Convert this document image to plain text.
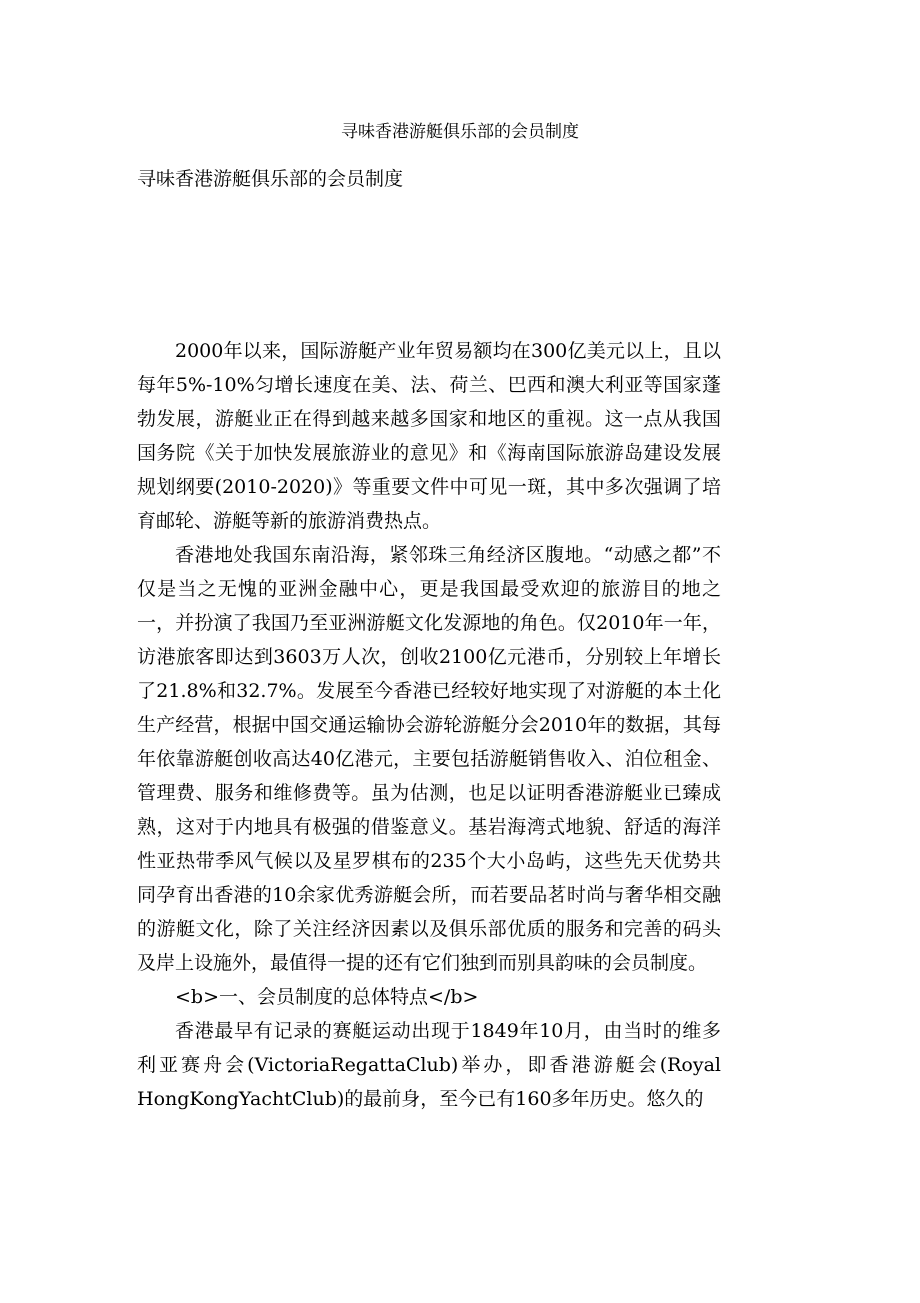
寻味香港游艇俱乐部的会员制度
寻味香港游艇俱乐部的会员制度

2000年以来，国际游艇产业年贸易额均在300亿美元以上，且以每年5%-10%匀增长速度在美、法、荷兰、巴西和澳大利亚等国家蓬勃发展，游艇业正在得到越来越多国家和地区的重视。这一点从我国国务院《关于加快发展旅游业的意见》和《海南国际旅游岛建设发展规划纲要(2010-2020)》等重要文件中可见一斑，其中多次强调了培育邮轮、游艇等新的旅游消费热点。

香港地处我国东南沿海，紧邻珠三角经济区腹地。“动感之都”不仅是当之无愧的亚洲金融中心，更是我国最受欢迎的旅游目的地之一，并扮演了我国乃至亚洲游艇文化发源地的角色。仅2010年一年，访港旅客即达到3603万人次，创收2100亿元港币，分别较上年增长了21.8%和32.7%。发展至今香港已经较好地实现了对游艇的本土化生产经营，根据中国交通运输协会游轮游艇分会2010年的数据，其每年依靠游艇创收高达40亿港元，主要包括游艇销售收入、泊位租金、管理费、服务和维修费等。虽为估测，也足以证明香港游艇业已臻成熟，这对于内地具有极强的借鉴意义。基岩海湾式地貌、舒适的海洋性亚热带季风气候以及星罗棋布的235个大小岛屿，这些先天优势共同孕育出香港的10余家优秀游艇会所，而若要品茗时尚与奢华相交融的游艇文化，除了关注经济因素以及俱乐部优质的服务和完善的码头及岸上设施外，最值得一提的还有它们独到而别具韵味的会员制度。

<b>一、会员制度的总体特点</b>

香港最早有记录的赛艇运动出现于1849年10月，由当时的维多利亚赛舟会(VictoriaRegattaClub)举办，即香港游艇会(Royal HongKongYachtClub)的最前身，至今已有160多年历史。悠久的
